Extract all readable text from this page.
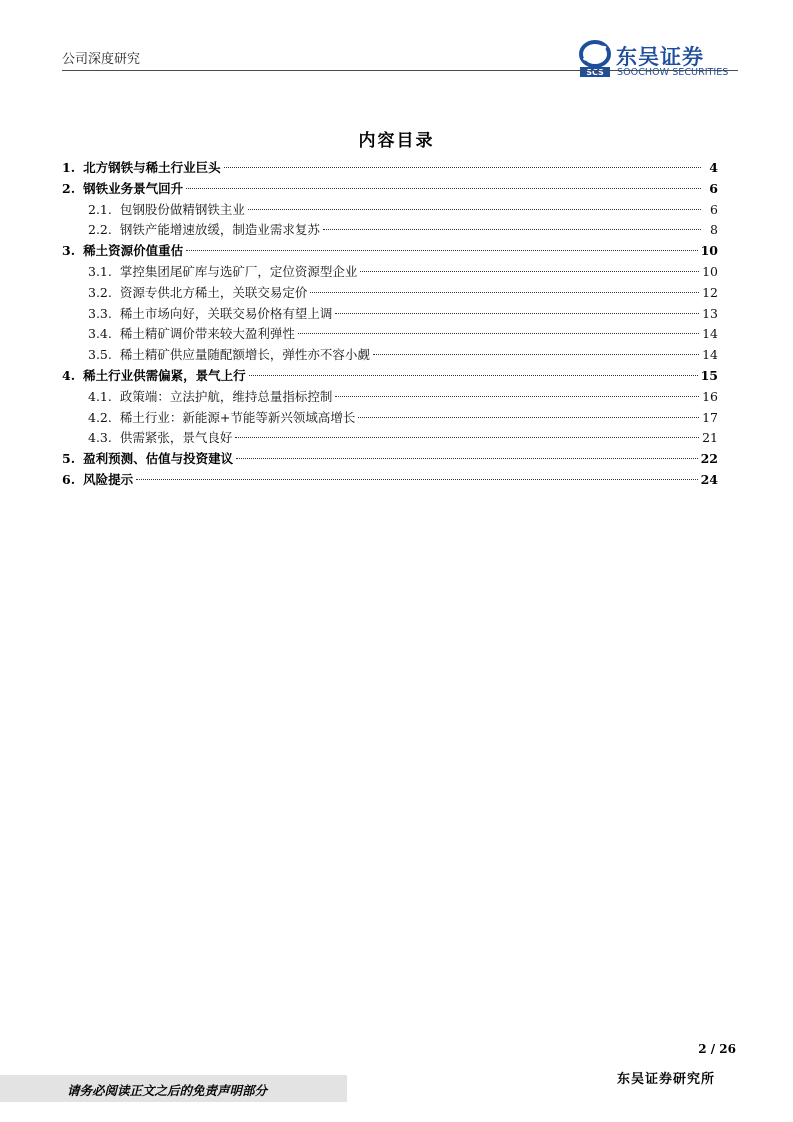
公司深度研究
SCS
东吴证券
SOOCHOW SECURITIES
内容目录
1. 北方钢铁与稀土行业巨头	4
2. 钢铁业务景气回升	6
2.1. 包钢股份做精钢铁主业	6
2.2. 钢铁产能增速放缓，制造业需求复苏	8
3. 稀土资源价值重估	10
3.1. 掌控集团尾矿库与选矿厂，定位资源型企业	10
3.2. 资源专供北方稀土，关联交易定价	12
3.3. 稀土市场向好，关联交易价格有望上调	13
3.4. 稀土精矿调价带来较大盈利弹性	14
3.5. 稀土精矿供应量随配额增长，弹性亦不容小觑	14
4. 稀土行业供需偏紧，景气上行	15
4.1. 政策端：立法护航，维持总量指标控制	16
4.2. 稀土行业：新能源+节能等新兴领域高增长	17
4.3. 供需紧张，景气良好	21
5. 盈利预测、估值与投资建议	22
6. 风险提示	24
2 / 26
请务必阅读正文之后的免责声明部分
东吴证券研究所
